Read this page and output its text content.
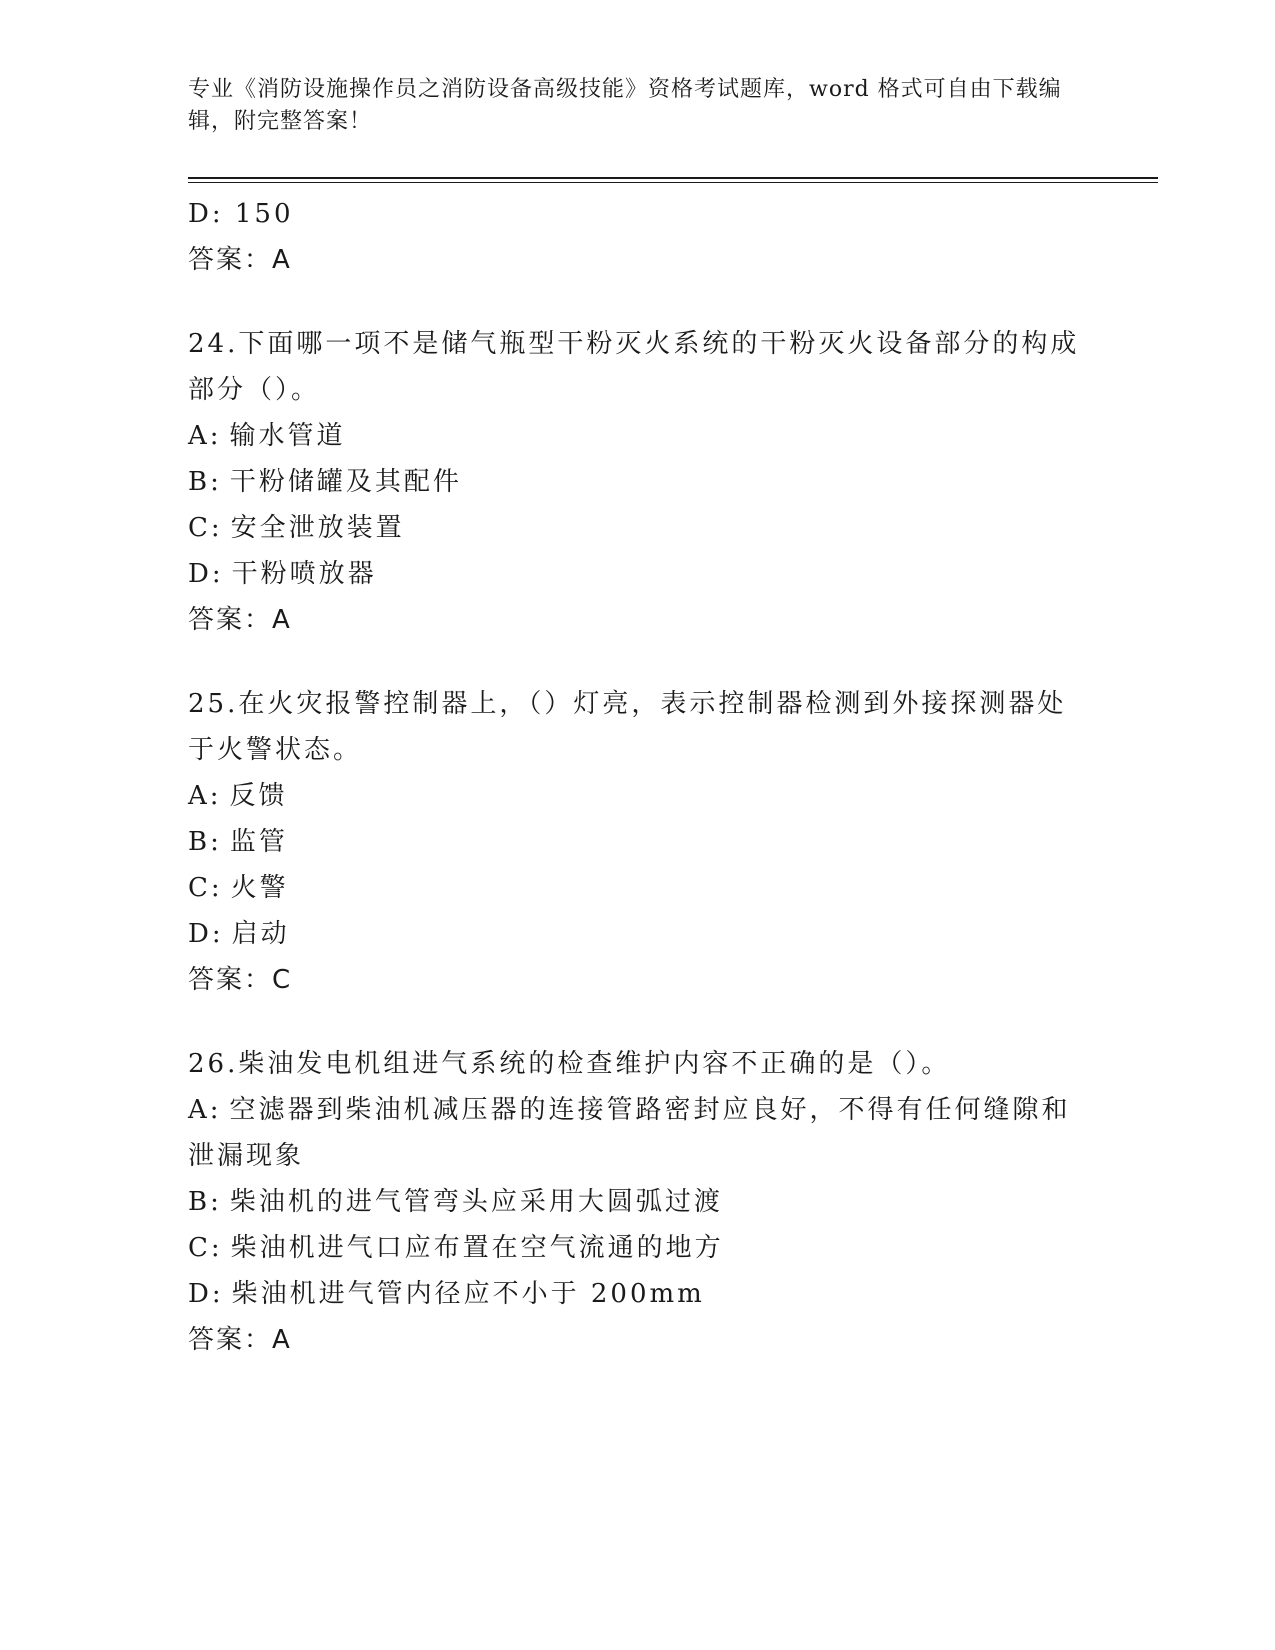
专业《消防设施操作员之消防设备高级技能》资格考试题库，word 格式可自由下载编辑，附完整答案！
D: 150
答案：A
24.下面哪一项不是储气瓶型干粉灭火系统的干粉灭火设备部分的构成部分（）。
A: 输水管道
B: 干粉储罐及其配件
C: 安全泄放装置
D: 干粉喷放器
答案：A
25.在火灾报警控制器上，（）灯亮，表示控制器检测到外接探测器处于火警状态。
A: 反馈
B: 监管
C: 火警
D: 启动
答案：C
26.柴油发电机组进气系统的检查维护内容不正确的是（）。
A: 空滤器到柴油机减压器的连接管路密封应良好，不得有任何缝隙和泄漏现象
B: 柴油机的进气管弯头应采用大圆弧过渡
C: 柴油机进气口应布置在空气流通的地方
D: 柴油机进气管内径应不小于 200mm
答案：A
